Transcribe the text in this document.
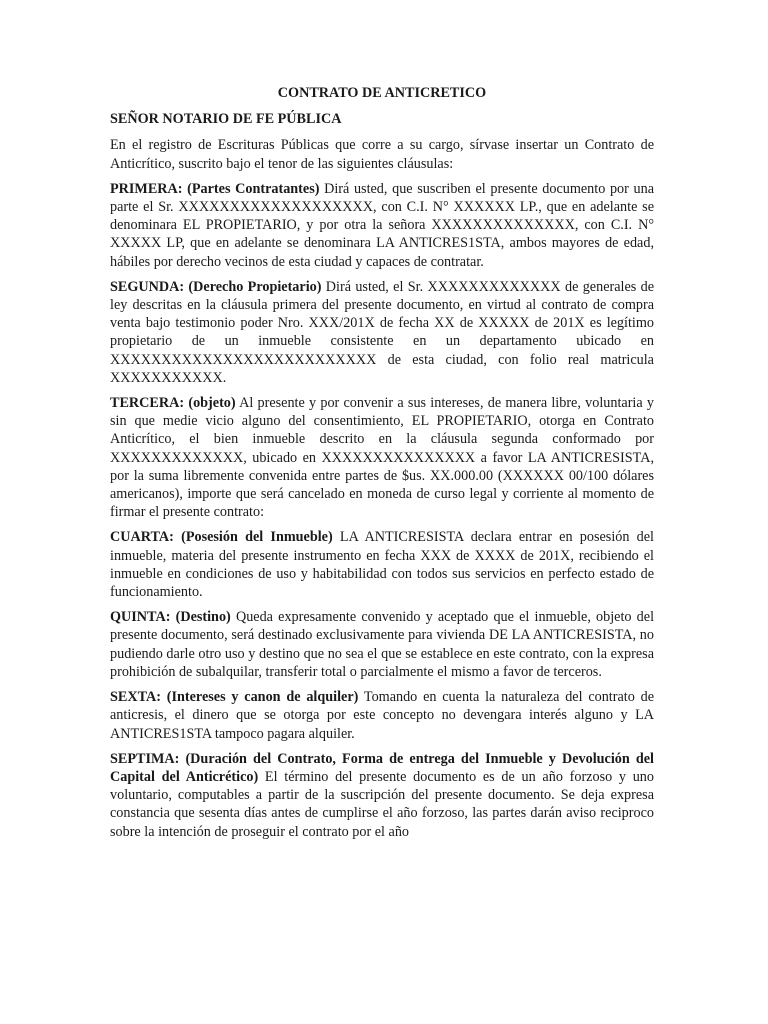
CONTRATO DE ANTICRETICO
SEÑOR NOTARIO DE FE PÚBLICA

En el registro de Escrituras Públicas que corre a su cargo, sírvase insertar un Contrato de Anticrítico, suscrito bajo el tenor de las siguientes cláusulas:

PRIMERA: (Partes Contratantes) Dirá usted, que suscriben el presente documento por una parte el Sr. XXXXXXXXXXXXXXXXXXX, con C.I. N° XXXXXX LP., que en adelante se denominara EL PROPIETARIO, y por otra la señora XXXXXXXXXXXXXX, con C.I. N° XXXXX LP, que en adelante se denominara LA ANTICRES1STA, ambos mayores de edad, hábiles por derecho vecinos de esta ciudad y capaces de contratar.

SEGUNDA: (Derecho Propietario) Dirá usted, el Sr. XXXXXXXXXXXXX de generales de ley descritas en la cláusula primera del presente documento, en virtud al contrato de compra venta bajo testimonio poder Nro. XXX/201X de fecha XX de XXXXX de 201X es legítimo propietario de un inmueble consistente en un departamento ubicado en XXXXXXXXXXXXXXXXXXXXXXXXXX de esta ciudad, con folio real matricula XXXXXXXXXXX.

TERCERA: (objeto) Al presente y por convenir a sus intereses, de manera libre, voluntaria y sin que medie vicio alguno del consentimiento, EL PROPIETARIO, otorga en Contrato Anticrítico, el bien inmueble descrito en la cláusula segunda conformado por XXXXXXXXXXXXX, ubicado en XXXXXXXXXXXXXXX a favor LA ANTICRESISTA, por la suma libremente convenida entre partes de $us. XX.000.00 (XXXXXX 00/100 dólares americanos), importe que será cancelado en moneda de curso legal y corriente al momento de firmar el presente contrato:

CUARTA: (Posesión del Inmueble) LA ANTICRESISTA declara entrar en posesión del inmueble, materia del presente instrumento en fecha XXX de XXXX de 201X, recibiendo el inmueble en condiciones de uso y habitabilidad con todos sus servicios en perfecto estado de funcionamiento.

QUINTA: (Destino) Queda expresamente convenido y aceptado que el inmueble, objeto del presente documento, será destinado exclusivamente para vivienda DE LA ANTICRESISTA, no pudiendo darle otro uso y destino que no sea el que se establece en este contrato, con la expresa prohibición de subalquilar, transferir total o parcialmente el mismo a favor de terceros.

SEXTA: (Intereses y canon de alquiler) Tomando en cuenta la naturaleza del contrato de anticresis, el dinero que se otorga por este concepto no devengara interés alguno y LA ANTICRES1STA tampoco pagara alquiler.

SEPTIMA: (Duración del Contrato, Forma de entrega del Inmueble y Devolución del Capital del Anticrético) El término del presente documento es de un año forzoso y uno voluntario, computables a partir de la suscripción del presente documento. Se deja expresa constancia que sesenta días antes de cumplirse el año forzoso, las partes darán aviso reciproco sobre la intención de proseguir el contrato por el año
